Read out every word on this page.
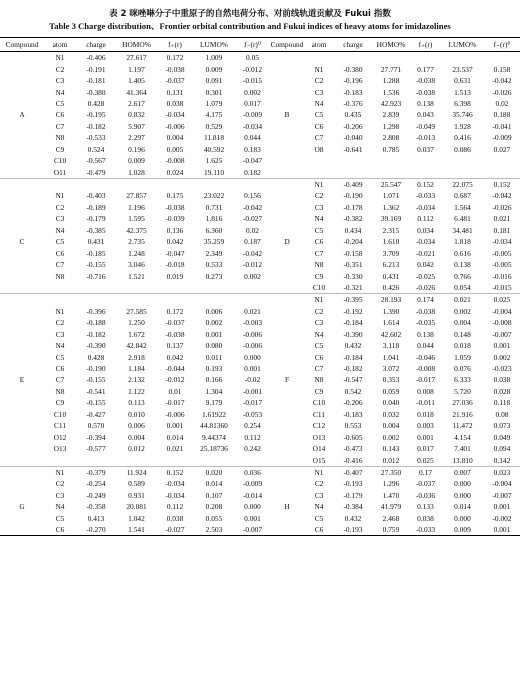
表 2 咪唑啉分子中重原子的自然电荷分布、对前线轨道贡献及 Fukui 指数
Table 3 Charge distribution、Frontier orbital contribution and Fukui indices of heavy atoms for imidazolines
Compound	atom	charge	HOMO%	f₊(r)	LUMO%	f₋(r)⁰	Compound	atom	charge	HOMO%	f₊(r)	LUMO%	f₋(r)⁰
	N1	-0.406	27.617	0.172	1.009	0.05							
	C2	-0.191	1.197	-0.038	0.009	-0.012		N1	-0.380	27.771	0.177	23.537	0.158
	C3	-0.181	1.405	-0.037	0.091	-0.015		C2	-0.196	1.288	-0.038	0.631	-0.042
	N4	-0.380	41.364	0.131	0.301	0.002		C3	-0.183	1.536	-0.038	1.513	-0.026
	C5	0.428	2.617	0.038	1.079	0.017		N4	-0.376	42.923	0.138	6.398	0.02
A	C6	-0.195	0.832	-0.034	4.175	-0.009	B	C5	0.435	2.839	0.043	35.746	0.188
	C7	-0.182	5.907	-0.006	0.529	-0.034		C6	-0.206	1.298	-0.049	1.928	-0.041
	N8	-0.533	2.297	0.004	11.818	0.044		C7	-0.040	2.808	-0.013	0.416	-0.009
	C9	0.524	0.196	0.005	40.592	0.183		O8	-0.641	0.785	0.037	0.086	0.027
	C10	-0.567	0.009	-0.008	1.625	-0.047							
	O11	-0.479	1.028	0.024	19.110	0.182							
								N1	-0.409	25.547	0.152	22.075	0.152
	N1	-0.403	27.857	0.175	23.022	0.156		C2	-0.190	1.071	-0.033	0.687	-0.042
	C2	-0.189	1.196	-0.038	0.731	-0.042		C3	-0.178	1.362	-0.034	1.564	-0.026
	C3	-0.179	1.595	-0.039	1.816	-0.027		N4	-0.382	39.169	0.112	6.481	0.021
	N4	-0.385	42.375	0.136	6.360	0.02		C5	0.434	2.315	0.034	34.481	0.181
C	C5	0.431	2.735	0.042	35.259	0.187	D	C6	-0.204	1.610	-0.034	1.818	-0.034
	C6	-0.185	1.248	-0.047	2.349	-0.042		C7	-0.158	3.709	-0.021	0.616	-0.005
	C7	-0.155	3.046	-0.018	0.533	-0.012		N8	-0.351	6.213	0.042	0.138	-0.005
	N8	-0.716	1.521	0.019	0.273	0.002		C9	-0.330	0.431	-0.025	0.766	-0.016
								C10	-0.321	0.426	-0.026	0.054	-0.015
								N1	-0.395	28.193	0.174	0.021	0.025
	N1	-0.396	27.585	0.172	0.006	0.021		C2	-0.192	1.390	-0.038	0.002	-0.004
	C2	-0.188	1.250	-0.037	0.002	-0.003		C3	-0.184	1.614	-0.035	0.004	-0.008
	C3	-0.182	1.672	-0.038	0.001	-0.006		N4	-0.390	42.602	0.138	0.148	-0.007
	N4	-0.390	42.842	0.137	0.080	-0.006		C5	0.432	3.118	0.044	0.018	0.001
	C5	0.428	2.918	0.042	0.011	0.000		C6	-0.184	1.041	-0.046	1.059	0.002
	C6	-0.190	1.184	-0.044	0.193	0.001		C7	-0.182	3.072	-0.008	0.076	-0.023
E	C7	-0.155	2.132	-0.012	0.166	-0.02	F	N8	-0.547	0.353	-0.017	6.333	0.038
	N8	-0.541	1.122	0.01	1.304	-0.001		C9	0.542	0.059	0.008	5.720	0.028
	C9	-0.155	0.113	-0.017	9.179	-0.017		C10	-0.206	0.040	-0.011	27.036	0.118
	C10	-0.427	0.010	-0.006	1.61922	-0.053		C11	-0.183	0.032	0.018	21.916	0.08
	C11	0.570	0.006	0.001	44.81360	0.254		C12	0.553	0.004	0.003	11.472	0.073
	O12	-0.394	0.004	0.014	9.44374	0.112		O13	-0.605	0.002	0.001	4.154	0.049
	O13	-0.577	0.012	0.021	25.18736	0.242		O14	-0.473	0.143	0.017	7.401	0.094
								O15	-0.416	0.012	0.025	13.810	0.142
	N1	-0.379	11.924	0.152	0.020	0.036		N1	-0.407	27.350	0.17	0.007	0.023
	C2	-0.254	0.589	-0.034	0.014	-0.009		C2	-0.193	1.296	-0.037	0.000	-0.004
	C3	-0.249	0.931	-0.034	0.107	-0.014		C3	-0.179	1.470	-0.036	0.000	-0.007
G	N4	-0.358	20.081	0.112	0.208	0.000	H	N4	-0.384	41.979	0.133	0.014	0.001
	C5	0.413	1.042	0.038	0.055	0.001		C5	0.432	2.468	0.038	0.000	-0.002
	C6	-0.270	1.541	-0.027	2.503	-0.007		C6	-0.193	0.759	-0.033	0.009	0.001
